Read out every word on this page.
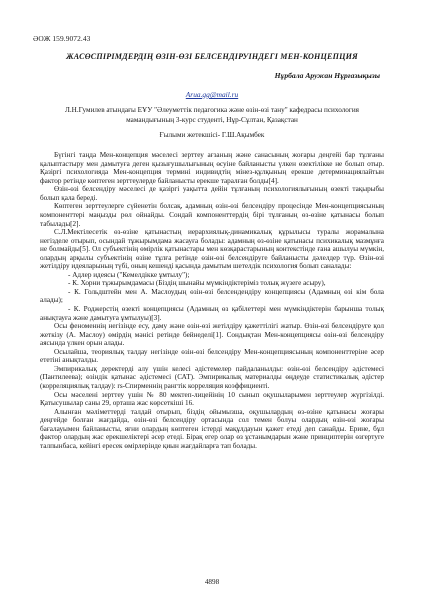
ӘОЖ 159.9072.43
ЖАСӨСПІРІМДЕРДІҢ ӨЗІН-ӨЗІ БЕЛСЕНДІРУІНДЕГІ МЕН-КОНЦЕПЦИЯ
Нұрбала Аружан Нұрғазықызы
Arua.gg@mail.ru
Л.Н.Гумилев атындағы ЕҰУ "Әлеуметтік педагогика және өзін-өзі тану" кафедрасы психология мамандығының 3-курс студенті, Нұр-Сұлтан, Қазақстан
Ғылыми жетекшісі- Г.Ш.Ақымбек

Бүгінгі таңда Мен-концепция мәселесі зерттеу ағзаның және санасының жоғары деңгейі бар тұлғаны қалыптастыру мен дамытуға деген қызығушылығының өсуіне байланысты үлкен өзектілікке не болып отыр. Қазіргі психологияда Мен-концепция термині индивидтің мінез-құлқының ерекше детерминациялайтын фактор ретінде көптеген зерттеулерде байланысты ерекше таралған болды[4].

Өзін-өзі белсендіру мәселесі де қазіргі уақытта дейін тұлғаның психологиялығының өзекті тақырыбы болып қала береді.

Көптеген зерттеулерге сүйенетін болсақ, адамның өзін-өзі белсендіру процесінде Мен-концепциясының компоненттері маңызды рөл ойнайды. Сондай компоненттердің бірі тұлғаның өз-өзіне қатынасы болып табылады[2].

С.Л.Мектілесетік өз-өзіне қатынастың иерархиялық-динамикалық құрылысы туралы жорамалына негізделе отырып, осындай тұжырымдама жасауға болады: адамның өз-өзіне қатынасы психикалық мазмұнға не болмайды[5]. Ол субъектінің өмірлік қатынастары мен көзқарастарының контекстінде ғана ашылуы мүмкін, олардың арқылы субъектінің өзіне тұлға ретінде өзін-өзі белсендіруге байланысты дәлелдер түр. Өзін-өзі жетілдіру идеяларының түбі, оның кешенді қасында дамытым шетелдік психология болып саналады:

- Адлер идеясы ("Кемелдікке ұмтылу");

- К. Хорни тұжырымдамасы (Біздің шынайы мүмкіндіктеріміз толық жүзеге асыру),

- К. Гольдштейн мен А. Маслоудың өзін-өзі белсендендіру концепциясы (Адамның өзі кім бола алады);

- К. Роджерстің өзекті концепциясы (Адамның өз қабілеттері мен мүмкіндіктерін барынша толық анықтауға және дамытуға ұмтылуы)[3].

Осы феноменнің негізінде есу, даму және өзін-өзі жетілдіру қажеттілігі жатыр. Өзін-өзі белсендіруге қол жеткізу (А. Маслоу) өмірдің мәнісі ретінде бейнеделі[1]. Сондықтан Мен-концепциясы өзін-өзі белсендіру аясында үлкен орын алады.

Осылайша, теориялық талдау негізінде өзін-өзі белсендіру Мен-концепциясының компоненттеріне әсер ететіні анықталды.

Эмпирикалық деректерді алу үшін келесі әдістемелер пайдаланылды: өзін-өзі белсендіру әдістемесі (Пантилеева); өзіндік қатынас әдістемесі (САТ). Эмпирикалық материалды өңдеуде статистикалық әдістер (корреляциялық талдау): rs-Спирменнің рангтік корреляция коэффициенті.

Осы мәселені зерттеу үшін № 80 мектеп-лицейінің 10 сынып оқушыларымен зерттеулер жүргізілді. Қатысушылар саны 29, орташа жас көрсеткіші 16.

Алынған мәліметтерді талдай отырып, біздің ойымызша, оқушылардың өз-өзіне қатынасы жоғары деңгейде болған жағдайда, өзін-өзі белсендіру ортасында сол темен болуы олардың өзін-өзі жоғары бағалауымен байланысты, яғни олардың көптеген істерді мақұлдауын қажет етеді деп санайды. Ерине, бұл фактор олардың жас ерекшеліктері әсер етеді. Бірақ егер олар өз ұстанымдарын және принциптерін өзгертуге талпынбаса, кейінгі ересек өмірлерінде қиын жағдайларға тап болады.

4898
